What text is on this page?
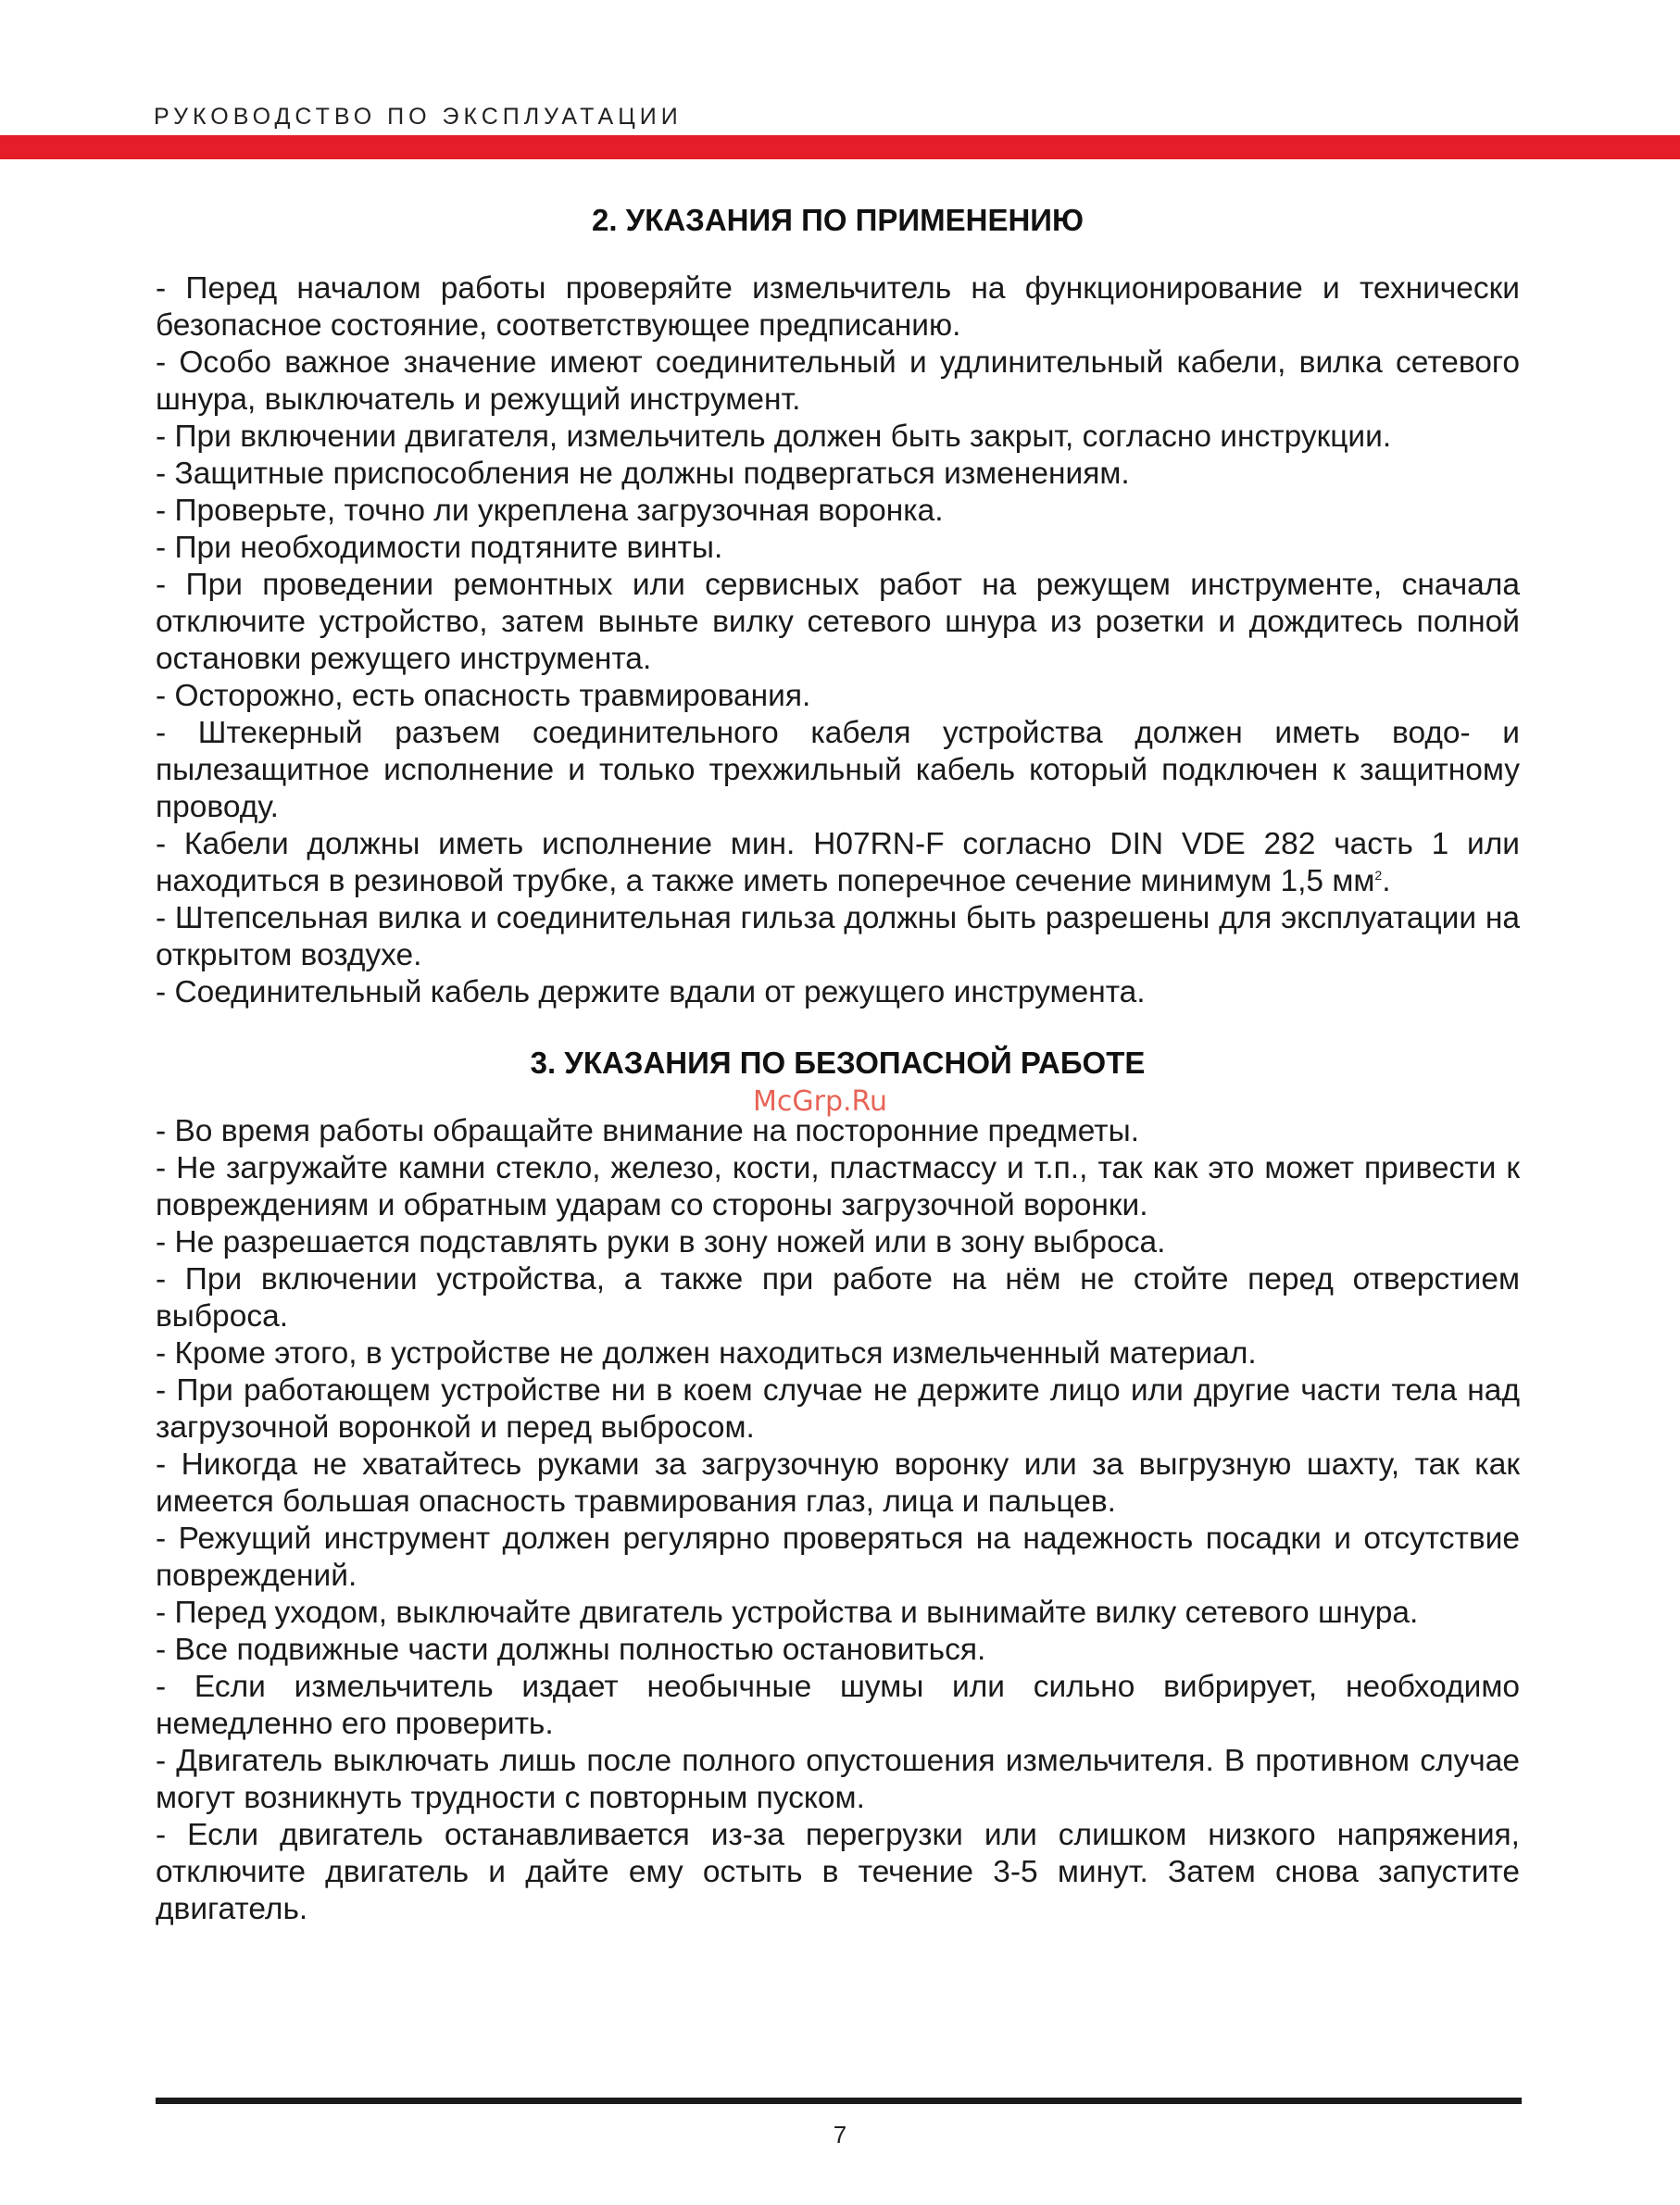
РУКОВОДСТВО ПО ЭКСПЛУАТАЦИИ
2. УКАЗАНИЯ ПО ПРИМЕНЕНИЮ

- Перед началом работы проверяйте измельчитель на функционирование и технически безопасное состояние, соответствующее предписанию.

- Особо важное значение имеют соединительный и удлинительный кабели, вилка сетевого шнура, выключатель и режущий инструмент.

- При включении двигателя, измельчитель должен быть закрыт, согласно инструкции.

- Защитные приспособления не должны подвергаться изменениям.

- Проверьте, точно ли укреплена загрузочная воронка.

- При необходимости подтяните винты.

- При проведении ремонтных или сервисных работ на режущем инструменте, сначала отключите устройство, затем выньте вилку сетевого шнура из розетки и дождитесь полной остановки режущего инструмента.

- Осторожно, есть опасность травмирования.

- Штекерный разъем соединительного кабеля устройства должен иметь водо- и пылезащитное исполнение и только трехжильный кабель который подключен к защитному проводу.

- Кабели должны иметь исполнение мин. H07RN-F согласно DIN VDE 282 часть 1 или находиться в резиновой трубке, а также иметь поперечное сечение минимум 1,5 $мм^2$.

- Штепсельная вилка и соединительная гильза должны быть разрешены для эксплуатации на открытом воздухе.

- Соединительный кабель держите вдали от режущего инструмента.

3. УКАЗАНИЯ ПО БЕЗОПАСНОЙ РАБОТЕ

- Во время работы обращайте внимание на посторонние предметы.

- Не загружайте камни стекло, железо, кости, пластмассу и т.п., так как это может привести к повреждениям и обратным ударам со стороны загрузочной воронки.

- Не разрешается подставлять руки в зону ножей или в зону выброса.

- При включении устройства, а также при работе на нём не стойте перед отверстием выброса.

- Кроме этого, в устройстве не должен находиться измельченный материал.

- При работающем устройстве ни в коем случае не держите лицо или другие части тела над загрузочной воронкой и перед выбросом.

- Никогда не хватайтесь руками за загрузочную воронку или за выгрузную шахту, так как имеется большая опасность травмирования глаз, лица и пальцев.

- Режущий инструмент должен регулярно проверяться на надежность посадки и отсутствие повреждений.

- Перед уходом, выключайте двигатель устройства и вынимайте вилку сетевого шнура.

- Все подвижные части должны полностью остановиться.

- Если измельчитель издает необычные шумы или сильно вибрирует, необходимо немедленно его проверить.

- Двигатель выключать лишь после полного опустошения измельчителя. В противном случае могут возникнуть трудности с повторным пуском.

- Если двигатель останавливается из-за перегрузки или слишком низкого напряжения, отключите двигатель и дайте ему остыть в течение 3-5 минут. Затем снова запустите двигатель.

McGrp.Ru
7
